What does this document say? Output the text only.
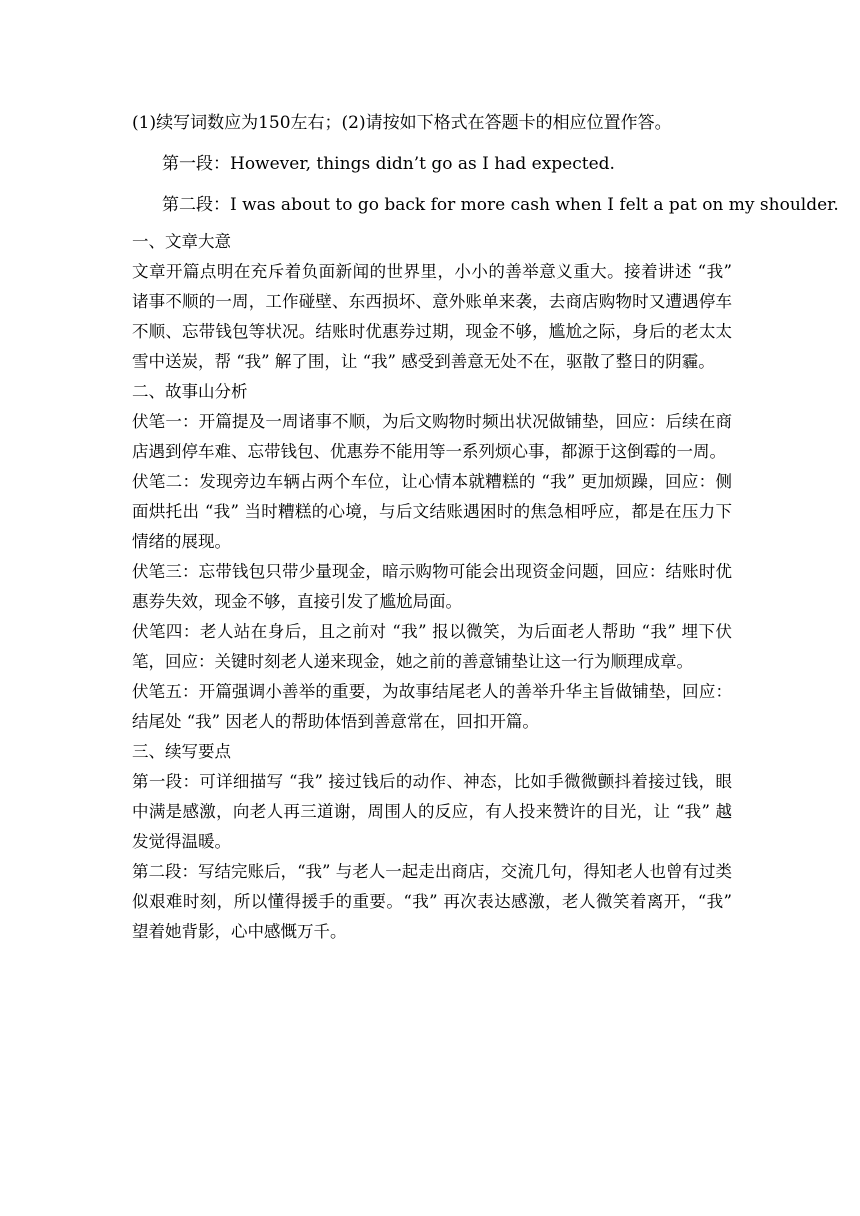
(1)续写词数应为150左右；(2)请按如下格式在答题卡的相应位置作答。

第一段：However, things didn’t go as I had expected.

第二段：I was about to go back for more cash when I felt a pat on my shoulder.

一、文章大意

文章开篇点明在充斥着负面新闻的世界里，小小的善举意义重大。接着讲述 “我” 诸事不顺的一周，工作碰壁、东西损坏、意外账单来袭，去商店购物时又遭遇停车不顺、忘带钱包等状况。结账时优惠券过期，现金不够，尴尬之际，身后的老太太雪中送炭，帮 “我” 解了围，让 “我” 感受到善意无处不在，驱散了整日的阴霾。

二、故事山分析

伏笔一：开篇提及一周诸事不顺，为后文购物时频出状况做铺垫，回应：后续在商店遇到停车难、忘带钱包、优惠券不能用等一系列烦心事，都源于这倒霉的一周。

伏笔二：发现旁边车辆占两个车位，让心情本就糟糕的 “我” 更加烦躁，回应：侧面烘托出 “我” 当时糟糕的心境，与后文结账遇困时的焦急相呼应，都是在压力下情绪的展现。

伏笔三：忘带钱包只带少量现金，暗示购物可能会出现资金问题，回应：结账时优惠券失效，现金不够，直接引发了尴尬局面。

伏笔四：老人站在身后，且之前对 “我” 报以微笑，为后面老人帮助 “我” 埋下伏笔，回应：关键时刻老人递来现金，她之前的善意铺垫让这一行为顺理成章。

伏笔五：开篇强调小善举的重要，为故事结尾老人的善举升华主旨做铺垫，回应：结尾处 “我” 因老人的帮助体悟到善意常在，回扣开篇。

三、续写要点

第一段：可详细描写 “我” 接过钱后的动作、神态，比如手微微颤抖着接过钱，眼中满是感激，向老人再三道谢，周围人的反应，有人投来赞许的目光，让 “我” 越发觉得温暖。

第二段：写结完账后，“我” 与老人一起走出商店，交流几句，得知老人也曾有过类似艰难时刻，所以懂得援手的重要。“我” 再次表达感激，老人微笑着离开，“我” 望着她背影，心中感慨万千。
